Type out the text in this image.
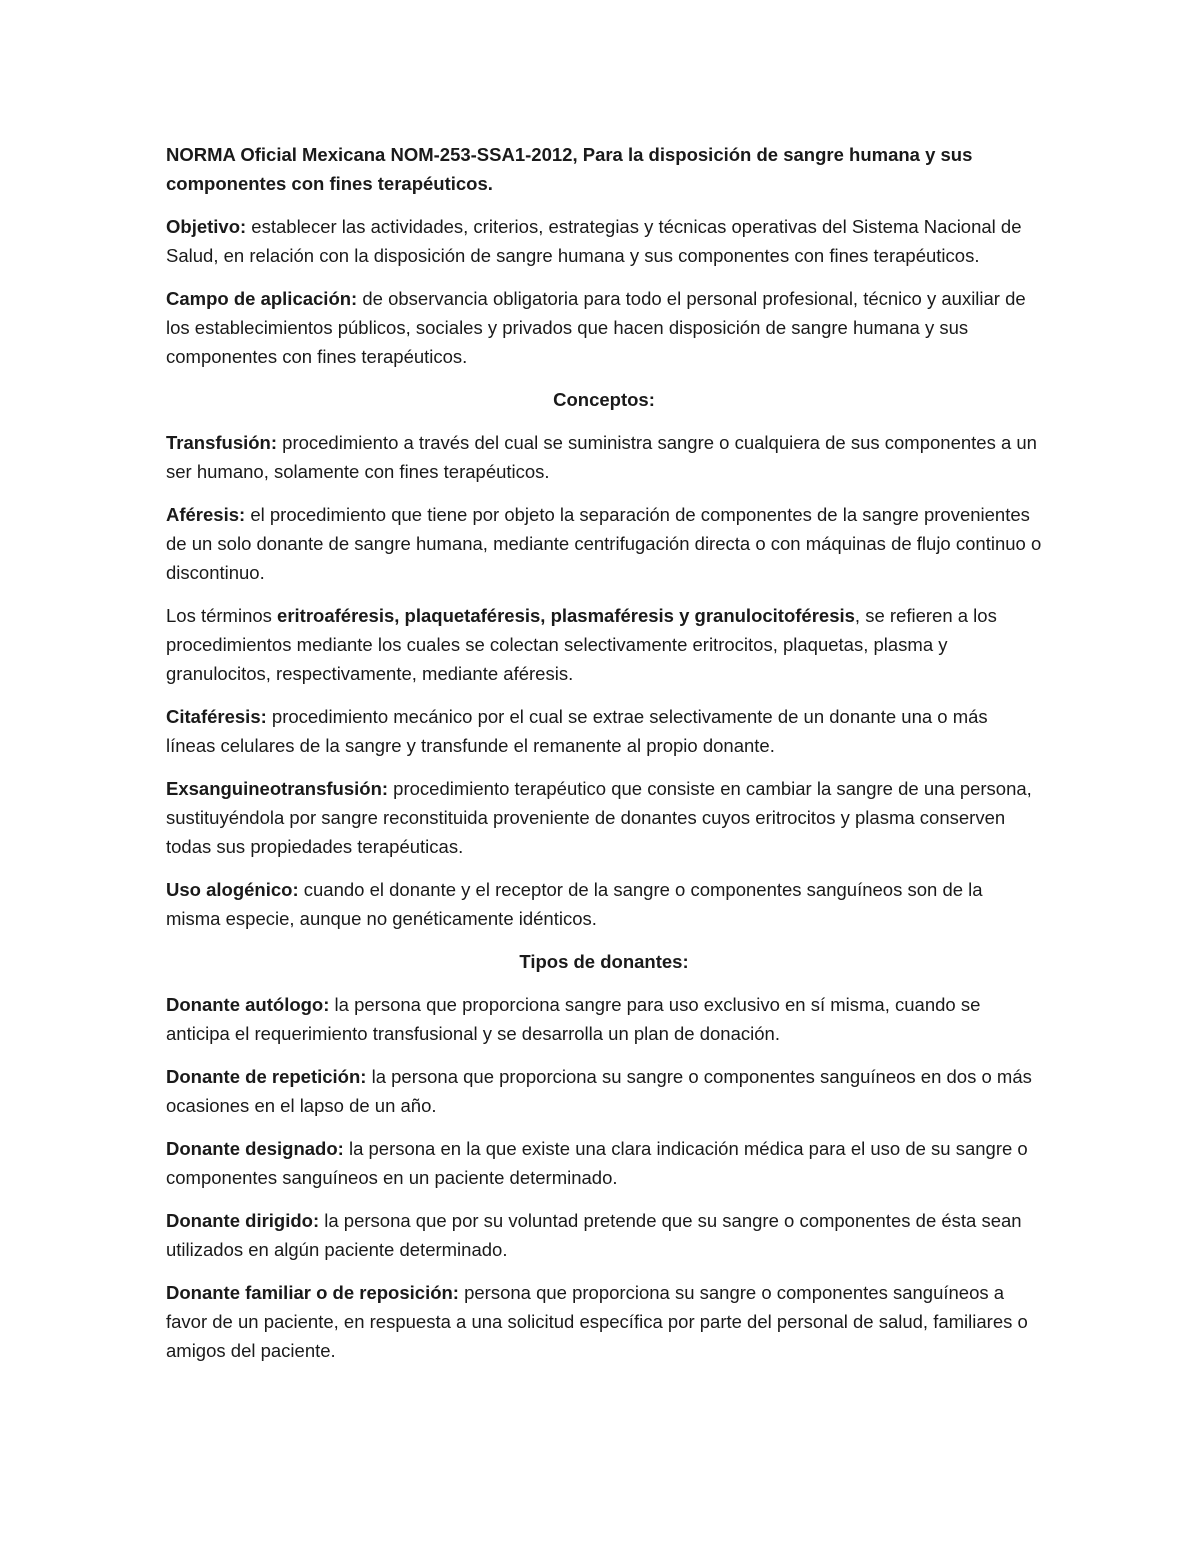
NORMA Oficial Mexicana NOM-253-SSA1-2012, Para la disposición de sangre humana y sus componentes con fines terapéuticos.

Objetivo: establecer las actividades, criterios, estrategias y técnicas operativas del Sistema Nacional de Salud, en relación con la disposición de sangre humana y sus componentes con fines terapéuticos.

Campo de aplicación: de observancia obligatoria para todo el personal profesional, técnico y auxiliar de los establecimientos públicos, sociales y privados que hacen disposición de sangre humana y sus componentes con fines terapéuticos.

Conceptos:

Transfusión: procedimiento a través del cual se suministra sangre o cualquiera de sus componentes a un ser humano, solamente con fines terapéuticos.

Aféresis: el procedimiento que tiene por objeto la separación de componentes de la sangre provenientes de un solo donante de sangre humana, mediante centrifugación directa o con máquinas de flujo continuo o discontinuo.

Los términos eritroaféresis, plaquetaféresis, plasmaféresis y granulocitoféresis, se refieren a los procedimientos mediante los cuales se colectan selectivamente eritrocitos, plaquetas, plasma y granulocitos, respectivamente, mediante aféresis.

Citaféresis: procedimiento mecánico por el cual se extrae selectivamente de un donante una o más líneas celulares de la sangre y transfunde el remanente al propio donante.

Exsanguineotransfusión: procedimiento terapéutico que consiste en cambiar la sangre de una persona, sustituyéndola por sangre reconstituida proveniente de donantes cuyos eritrocitos y plasma conserven todas sus propiedades terapéuticas.

Uso alogénico: cuando el donante y el receptor de la sangre o componentes sanguíneos son de la misma especie, aunque no genéticamente idénticos.

Tipos de donantes:

Donante autólogo: la persona que proporciona sangre para uso exclusivo en sí misma, cuando se anticipa el requerimiento transfusional y se desarrolla un plan de donación.

Donante de repetición: la persona que proporciona su sangre o componentes sanguíneos en dos o más ocasiones en el lapso de un año.

Donante designado: la persona en la que existe una clara indicación médica para el uso de su sangre o componentes sanguíneos en un paciente determinado.

Donante dirigido: la persona que por su voluntad pretende que su sangre o componentes de ésta sean utilizados en algún paciente determinado.

Donante familiar o de reposición: persona que proporciona su sangre o componentes sanguíneos a favor de un paciente, en respuesta a una solicitud específica por parte del personal de salud, familiares o amigos del paciente.
